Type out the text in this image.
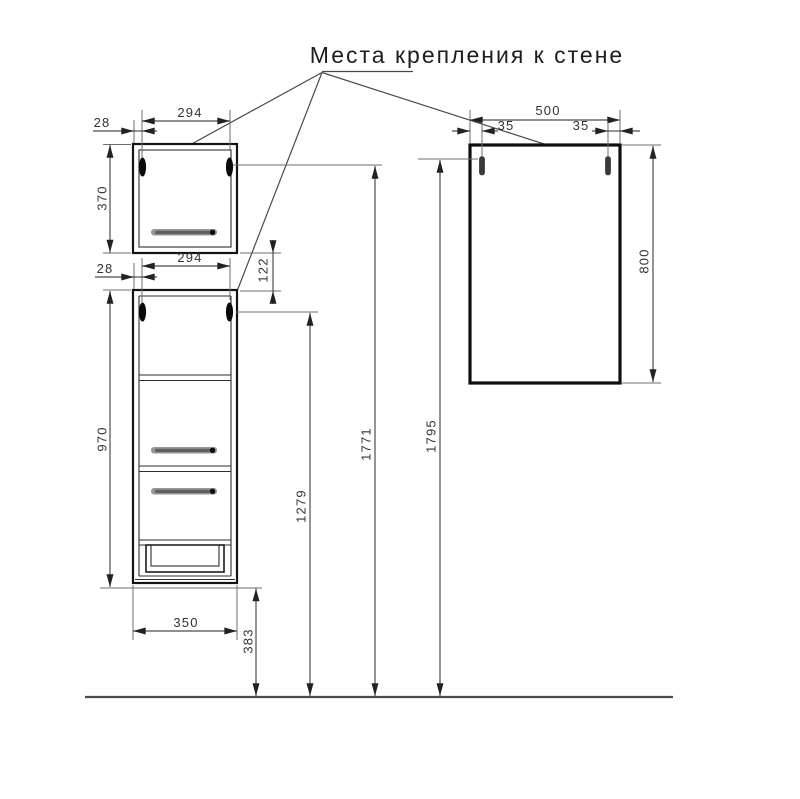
Места крепления к стене
294
28
370
122
294
28
970
350
383
1279
1771	1795
500
35	35
800
